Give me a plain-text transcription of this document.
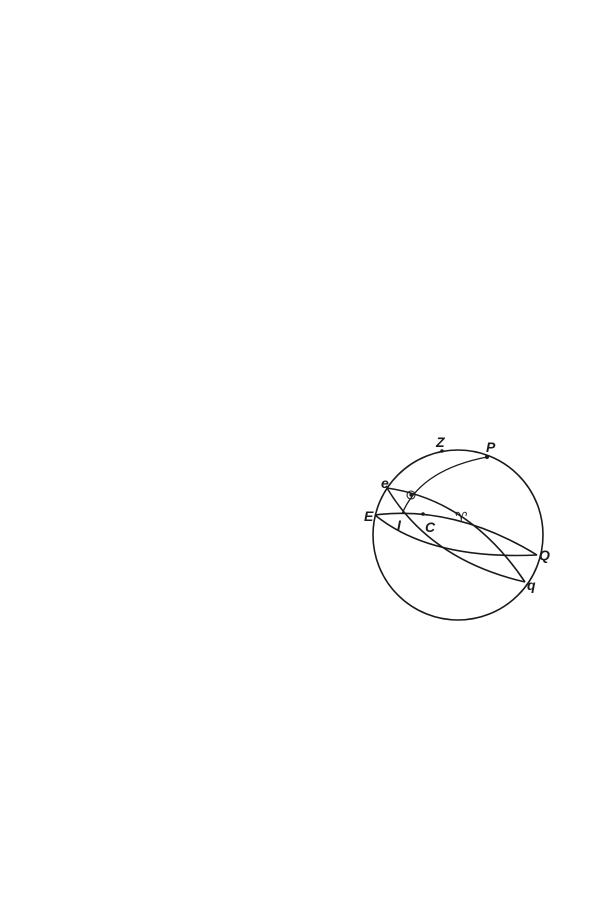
Z	P
e
E
I C
♈
Q
q
